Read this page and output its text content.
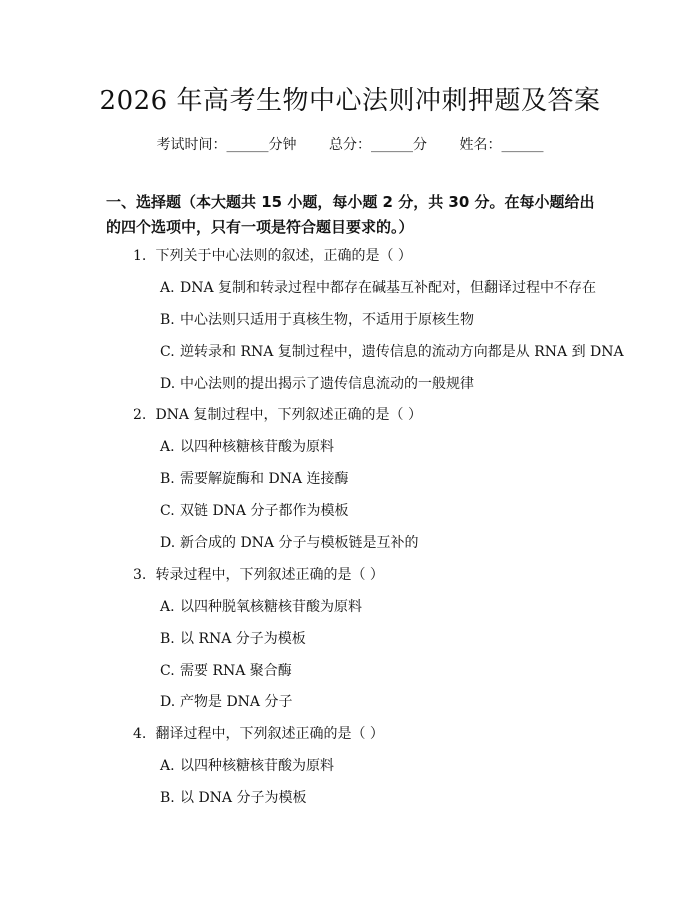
2026 年高考生物中心法则冲刺押题及答案
考试时间：______分钟 总分：______分 姓名：______
一、选择题（本大题共 15 小题，每小题 2 分，共 30 分。在每小题给出的四个选项中，只有一项是符合题目要求的。）
1. 下列关于中心法则的叙述，正确的是（ ）
A. DNA 复制和转录过程中都存在碱基互补配对，但翻译过程中不存在
B. 中心法则只适用于真核生物，不适用于原核生物
C. 逆转录和 RNA 复制过程中，遗传信息的流动方向都是从 RNA 到 DNA
D. 中心法则的提出揭示了遗传信息流动的一般规律
2. DNA 复制过程中，下列叙述正确的是（ ）
A. 以四种核糖核苷酸为原料
B. 需要解旋酶和 DNA 连接酶
C. 双链 DNA 分子都作为模板
D. 新合成的 DNA 分子与模板链是互补的
3. 转录过程中，下列叙述正确的是（ ）
A. 以四种脱氧核糖核苷酸为原料
B. 以 RNA 分子为模板
C. 需要 RNA 聚合酶
D. 产物是 DNA 分子
4. 翻译过程中，下列叙述正确的是（ ）
A. 以四种核糖核苷酸为原料
B. 以 DNA 分子为模板
